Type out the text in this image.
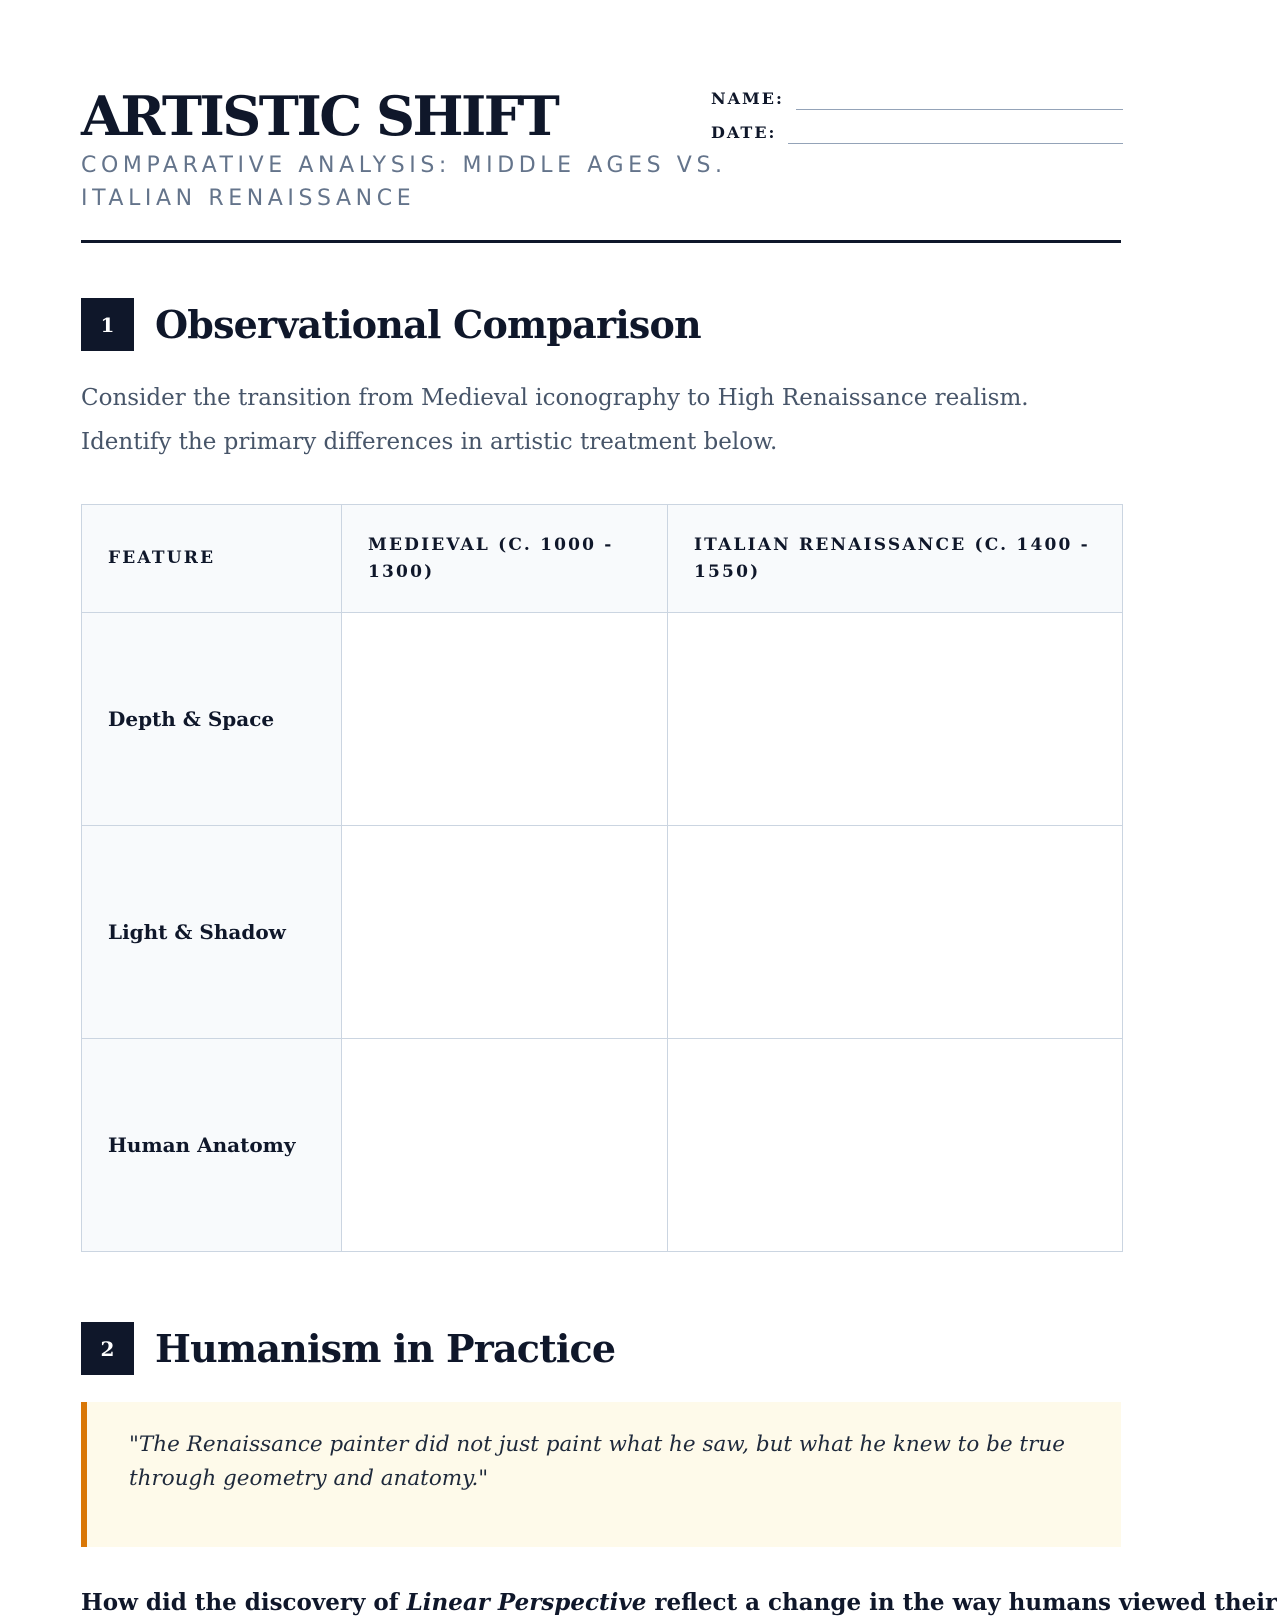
ARTISTIC SHIFT

COMPARATIVE ANALYSIS: MIDDLE AGES VS. ITALIAN RENAISSANCE

NAME:
DATE:
1	Observational Comparison

Consider the transition from Medieval iconography to High Renaissance realism. Identify the primary differences in artistic treatment below.

FEATURE	MEDIEVAL (C. 1000 - 1300)	ITALIAN RENAISSANCE (C. 1400 - 1550)
Depth & Space		
Light & Shadow		
Human Anatomy		
2	Humanism in Practice

"The Renaissance painter did not just paint what he saw, but what he knew to be true through geometry and anatomy."

How did the discovery of Linear Perspective reflect a change in the way humans viewed their
